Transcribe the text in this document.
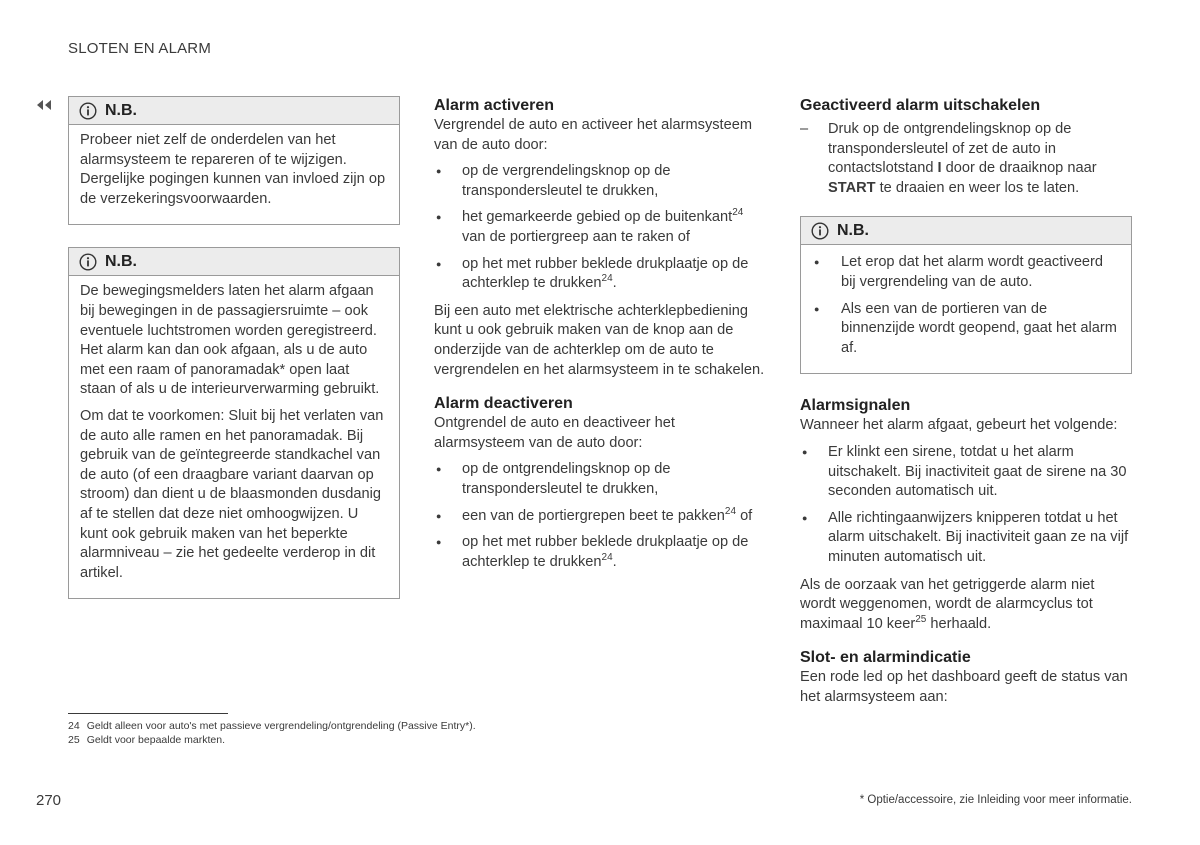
SLOTEN EN ALARM
N.B.

Probeer niet zelf de onderdelen van het alarmsysteem te repareren of te wijzigen. Dergelijke pogingen kunnen van invloed zijn op de verzekeringsvoorwaarden.

N.B.

De bewegingsmelders laten het alarm afgaan bij bewegingen in de passagiersruimte – ook eventuele luchtstromen worden geregistreerd. Het alarm kan dan ook afgaan, als u de auto met een raam of panoramadak* open laat staan of als u de interieurverwarming gebruikt.

Om dat te voorkomen: Sluit bij het verlaten van de auto alle ramen en het panoramadak. Bij gebruik van de geïntegreerde standkachel van de auto (of een draagbare variant daarvan op stroom) dan dient u de blaasmonden dusdanig af te stellen dat deze niet omhoogwijzen. U kunt ook gebruik maken van het beperkte alarmniveau – zie het gedeelte verderop in dit artikel.

Alarm activeren

Vergrendel de auto en activeer het alarmsysteem van de auto door:

● op de vergrendelingsknop op de transpondersleutel te drukken,
● het gemarkeerde gebied op de buitenkant$^{24}$ van de portiergreep aan te raken of
● op het met rubber beklede drukplaatje op de achterklep te drukken$^{24}$.

Bij een auto met elektrische achterklepbediening kunt u ook gebruik maken van de knop aan de onderzijde van de achterklep om de auto te vergrendelen en het alarmsysteem in te schakelen.

Alarm deactiveren

Ontgrendel de auto en deactiveer het alarmsysteem van de auto door:

● op de ontgrendelingsknop op de transpondersleutel te drukken,
● een van de portiergrepen beet te pakken$^{24}$ of
● op het met rubber beklede drukplaatje op de achterklep te drukken$^{24}$.
Geactiveerd alarm uitschakelen
– Druk op de ontgrendelingsknop op de transpondersleutel of zet de auto in contactslotstand I door de draaiknop naar START te draaien en weer los te laten.
N.B.
● Let erop dat het alarm wordt geactiveerd bij vergrendeling van de auto.
● Als een van de portieren van de binnenzijde wordt geopend, gaat het alarm af.
Alarmsignalen

Wanneer het alarm afgaat, gebeurt het volgende:

● Er klinkt een sirene, totdat u het alarm uitschakelt. Bij inactiviteit gaat de sirene na 30 seconden automatisch uit.
● Alle richtingaanwijzers knipperen totdat u het alarm uitschakelt. Bij inactiviteit gaan ze na vijf minuten automatisch uit.

Als de oorzaak van het getriggerde alarm niet wordt weggenomen, wordt de alarmcyclus tot maximaal 10 keer$^{25}$ herhaald.

Slot- en alarmindicatie

Een rode led op het dashboard geeft de status van het alarmsysteem aan:

24 Geldt alleen voor auto's met passieve vergrendeling/ontgrendeling (Passive Entry*).
25 Geldt voor bepaalde markten.
270	* Optie/accessoire, zie Inleiding voor meer informatie.
